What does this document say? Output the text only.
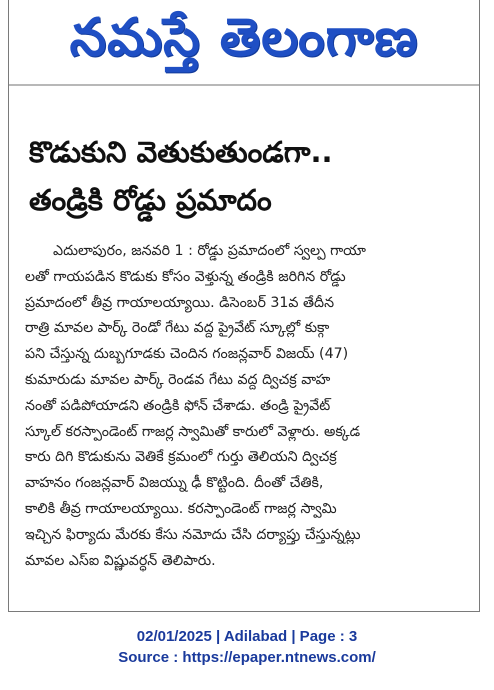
నమస్తే తెలంగాణ
కొడుకుని వెతుకుతుండగా..
తండ్రికి రోడ్డు ప్రమాదం
ఎదులాపురం, జనవరి 1 : రోడ్డు ప్రమాదంలో స్వల్ప గాయా
లతో గాయపడిన కొడుకు కోసం వెళ్తున్న తండ్రికి జరిగిన రోడ్డు
ప్రమాదంలో తీవ్ర గాయాలయ్యాయి. డిసెంబర్ 31వ తేదీన
రాత్రి మావల పార్క్ రెండో గేటు వద్ద ప్రైవేట్ స్కూల్లో కుక్గా
పని చేస్తున్న దుబ్బగూడకు చెందిన గంజన్లవార్ విజయ్ (47)
కుమారుడు మావల పార్క్ రెండవ గేటు వద్ద ద్విచక్ర వాహ
నంతో పడిపోయాడని తండ్రికి ఫోన్ చేశాడు. తండ్రి ప్రైవేట్
స్కూల్ కరస్పాండెంట్ గాజర్ల స్వామితో కారులో వెళ్లారు. అక్కడ
కారు దిగి కొడుకును వెతికే క్రమంలో గుర్తు తెలియని ద్విచక్ర
వాహనం గంజన్లవార్ విజయ్ను ఢీ కొట్టింది. దీంతో చేతికి,
కాలికి తీవ్ర గాయాలయ్యాయి. కరస్పాండెంట్ గాజర్ల స్వామి
ఇచ్చిన ఫిర్యాదు మేరకు కేసు నమోదు చేసి దర్యాప్తు చేస్తున్నట్లు
మావల ఎస్ఐ విష్ణువర్ధన్ తెలిపారు.
02/01/2025 | Adilabad | Page : 3
Source : https://epaper.ntnews.com/
